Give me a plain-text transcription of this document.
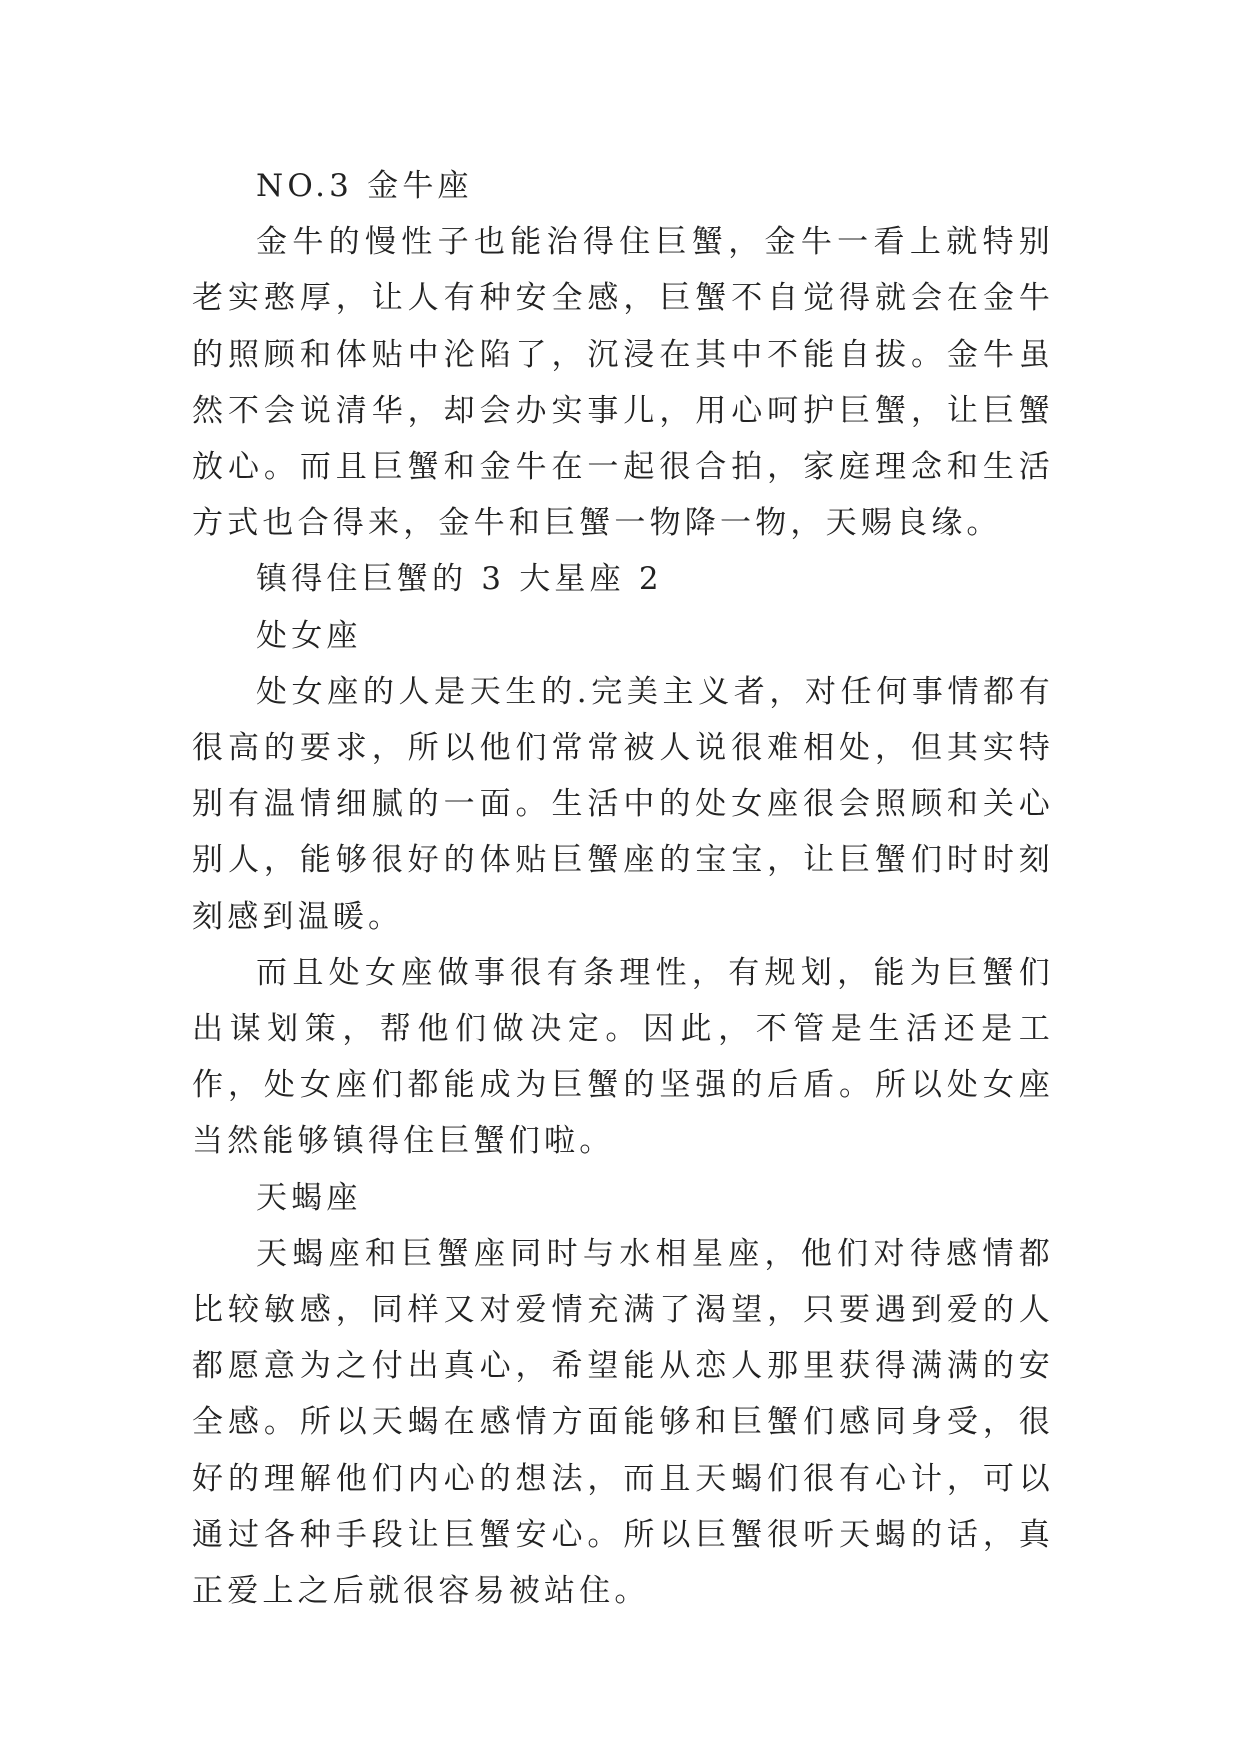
NO.3 金牛座

金牛的慢性子也能治得住巨蟹，金牛一看上就特别老实憨厚，让人有种安全感，巨蟹不自觉得就会在金牛的照顾和体贴中沦陷了，沉浸在其中不能自拔。金牛虽然不会说清华，却会办实事儿，用心呵护巨蟹，让巨蟹放心。而且巨蟹和金牛在一起很合拍，家庭理念和生活方式也合得来，金牛和巨蟹一物降一物，天赐良缘。

镇得住巨蟹的 3 大星座 2

处女座

处女座的人是天生的.完美主义者，对任何事情都有很高的要求，所以他们常常被人说很难相处，但其实特别有温情细腻的一面。生活中的处女座很会照顾和关心别人，能够很好的体贴巨蟹座的宝宝，让巨蟹们时时刻刻感到温暖。

而且处女座做事很有条理性，有规划，能为巨蟹们出谋划策，帮他们做决定。因此，不管是生活还是工作，处女座们都能成为巨蟹的坚强的后盾。所以处女座当然能够镇得住巨蟹们啦。

天蝎座

天蝎座和巨蟹座同时与水相星座，他们对待感情都比较敏感，同样又对爱情充满了渴望，只要遇到爱的人都愿意为之付出真心，希望能从恋人那里获得满满的安全感。所以天蝎在感情方面能够和巨蟹们感同身受，很好的理解他们内心的想法，而且天蝎们很有心计，可以通过各种手段让巨蟹安心。所以巨蟹很听天蝎的话，真正爱上之后就很容易被站住。
